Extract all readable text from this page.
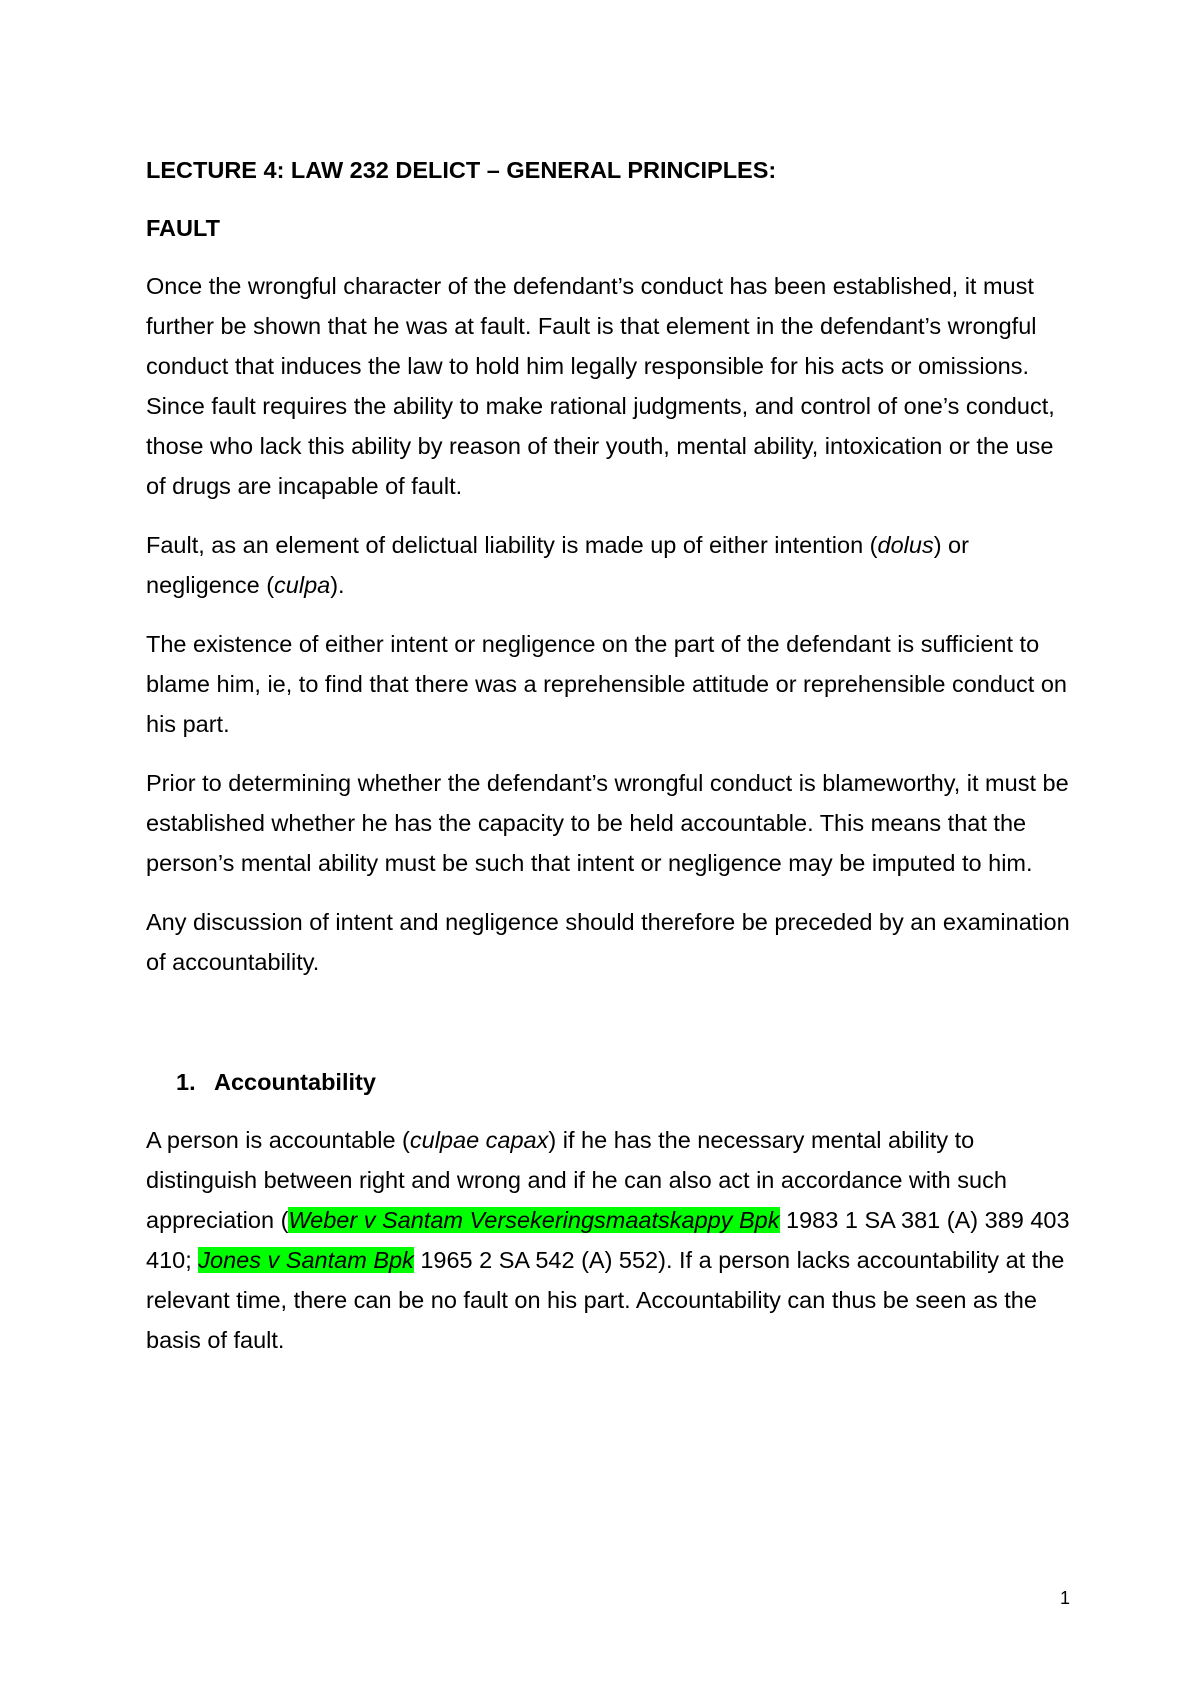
LECTURE 4: LAW 232 DELICT – GENERAL PRINCIPLES:

FAULT

Once the wrongful character of the defendant’s conduct has been established, it must further be shown that he was at fault. Fault is that element in the defendant’s wrongful conduct that induces the law to hold him legally responsible for his acts or omissions. Since fault requires the ability to make rational judgments, and control of one’s conduct, those who lack this ability by reason of their youth, mental ability, intoxication or the use of drugs are incapable of fault.

Fault, as an element of delictual liability is made up of either intention (dolus) or negligence (culpa).

The existence of either intent or negligence on the part of the defendant is sufficient to blame him, ie, to find that there was a reprehensible attitude or reprehensible conduct on his part.

Prior to determining whether the defendant’s wrongful conduct is blameworthy, it must be established whether he has the capacity to be held accountable. This means that the person’s mental ability must be such that intent or negligence may be imputed to him.

Any discussion of intent and negligence should therefore be preceded by an examination of accountability.

1. Accountability

A person is accountable (culpae capax) if he has the necessary mental ability to distinguish between right and wrong and if he can also act in accordance with such appreciation (Weber v Santam Versekeringsmaatskappy Bpk 1983 1 SA 381 (A) 389 403 410; Jones v Santam Bpk 1965 2 SA 542 (A) 552). If a person lacks accountability at the relevant time, there can be no fault on his part. Accountability can thus be seen as the basis of fault.

1
